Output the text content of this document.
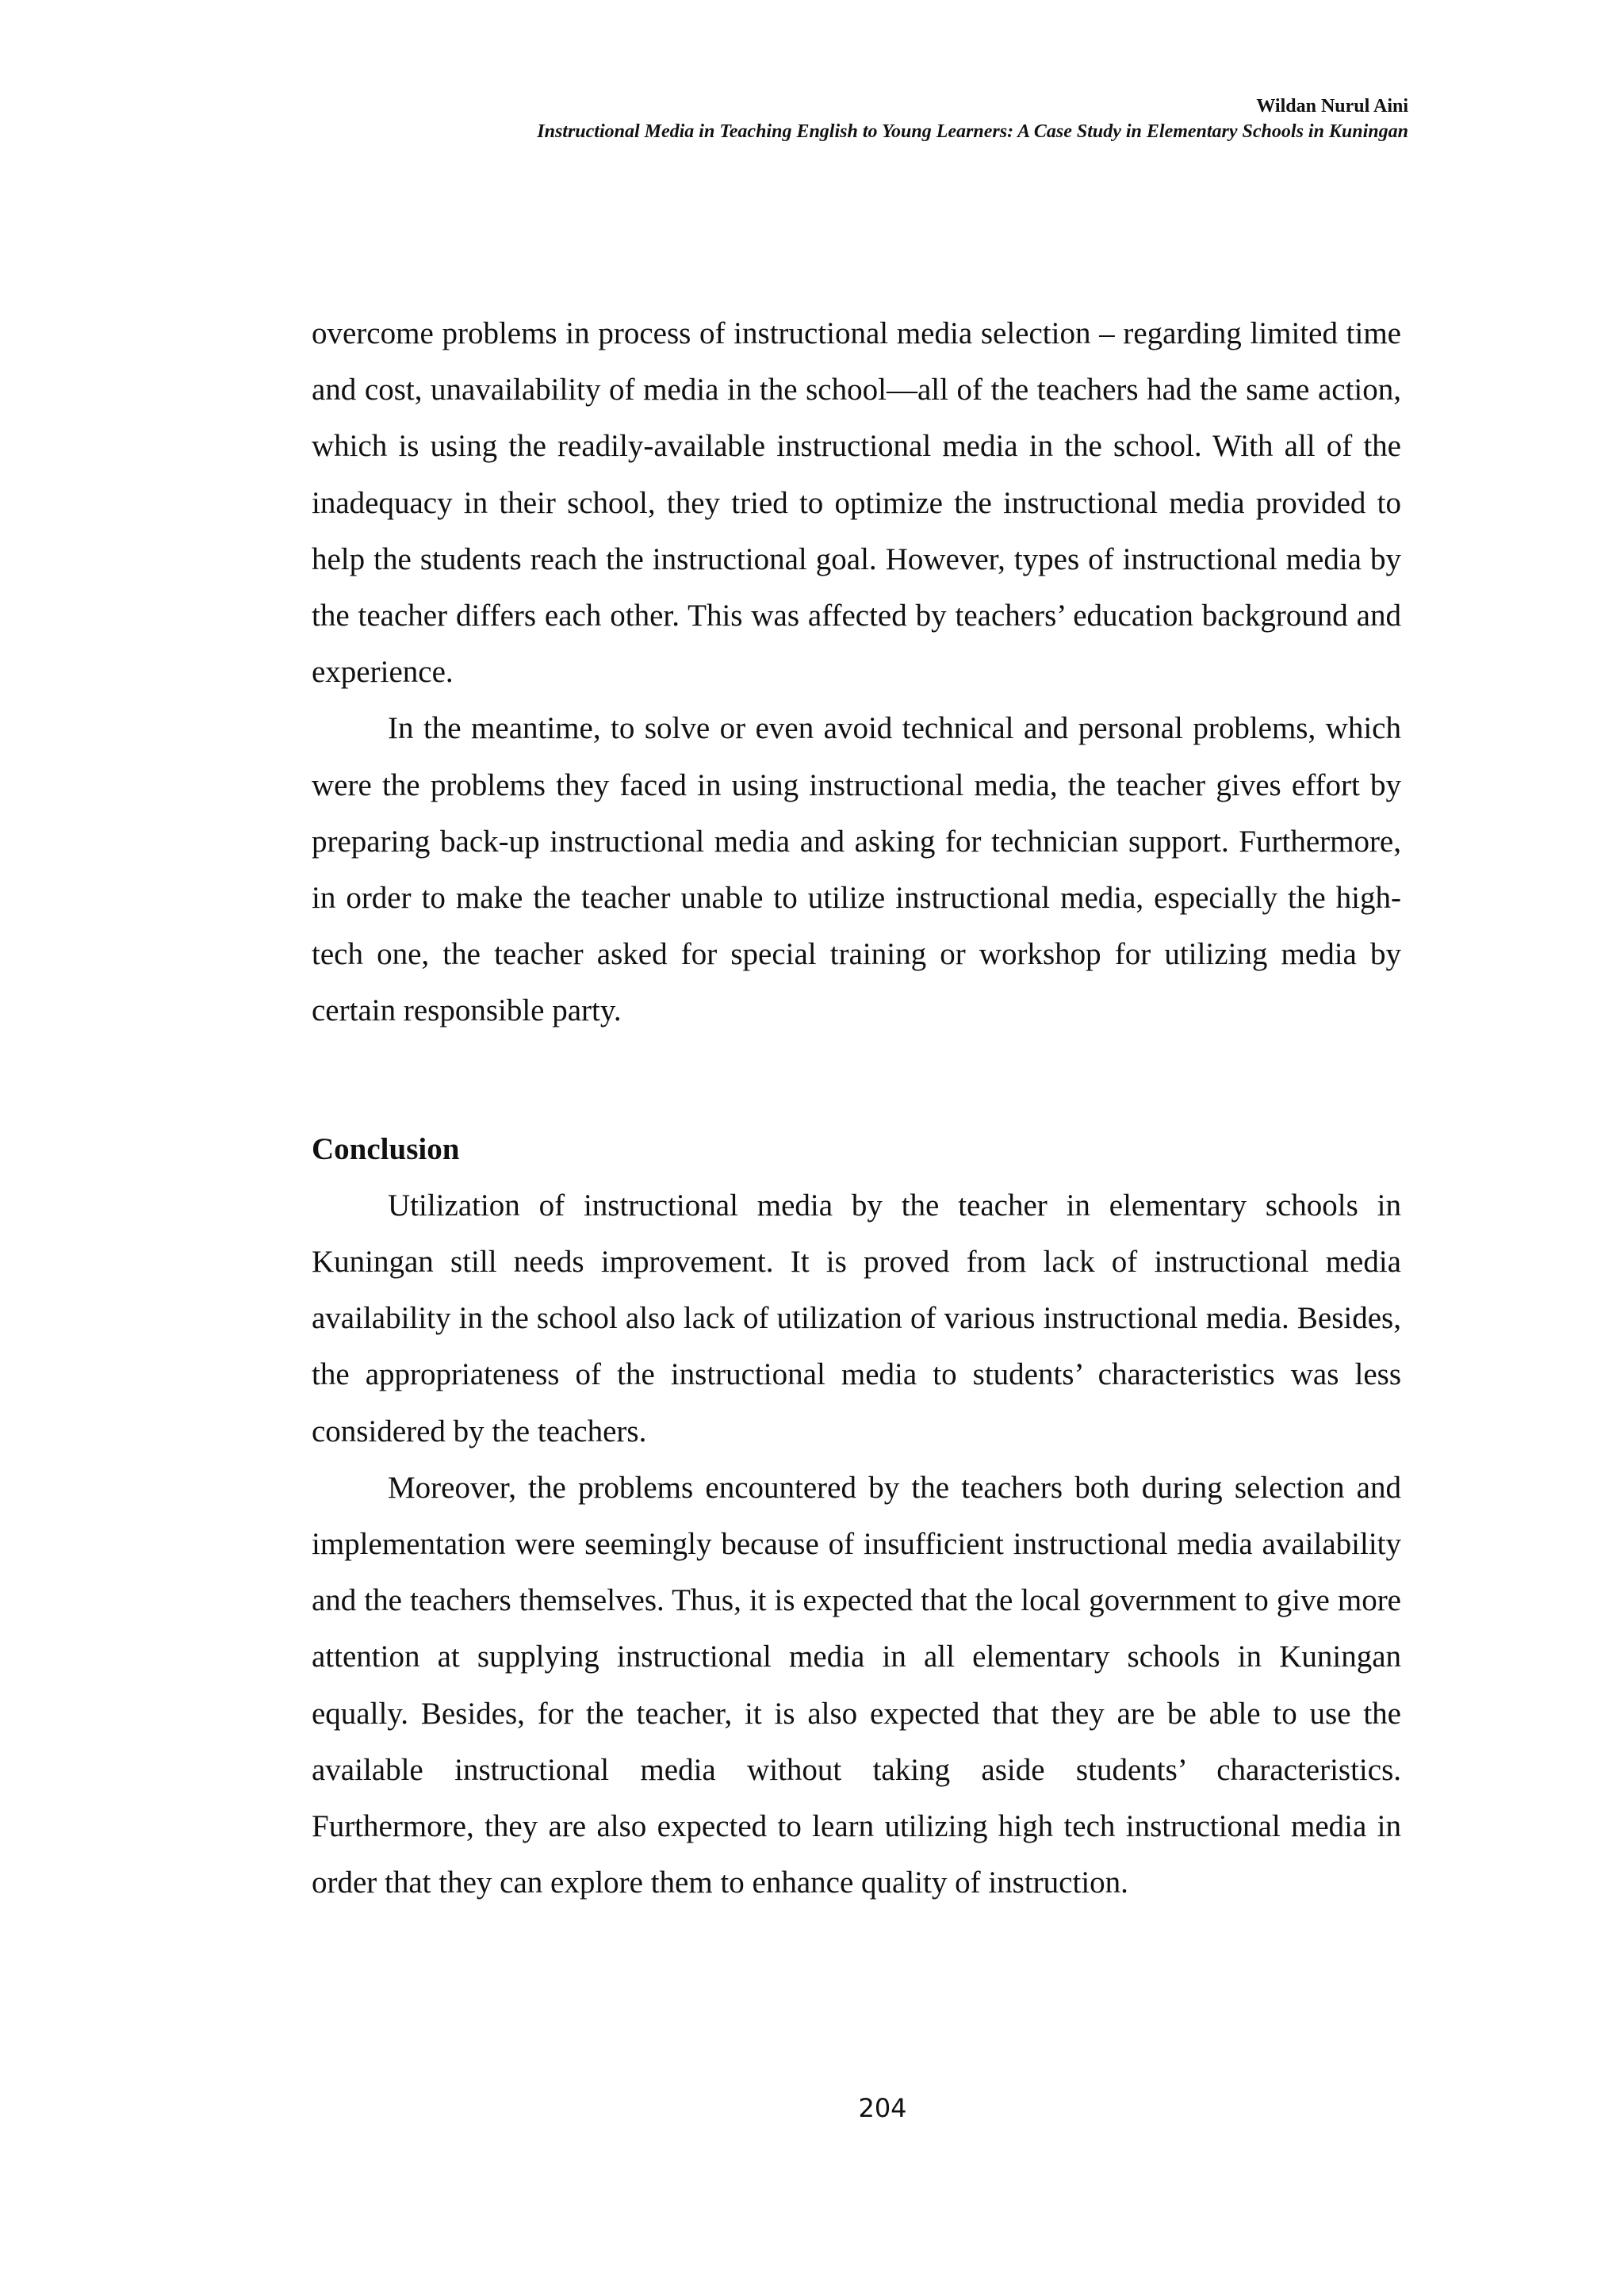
Wildan Nurul Aini
Instructional Media in Teaching English to Young Learners: A Case Study in Elementary Schools in Kuningan

overcome problems in process of instructional media selection – regarding limited time and cost, unavailability of media in the school—all of the teachers had the same action, which is using the readily-available instructional media in the school. With all of the inadequacy in their school, they tried to optimize the instructional media provided to help the students reach the instructional goal. However, types of instructional media by the teacher differs each other. This was affected by teachers’ education background and experience.

In the meantime, to solve or even avoid technical and personal problems, which were the problems they faced in using instructional media, the teacher gives effort by preparing back-up instructional media and asking for technician support. Furthermore, in order to make the teacher unable to utilize instructional media, especially the high-tech one, the teacher asked for special training or workshop for utilizing media by certain responsible party.

Conclusion

Utilization of instructional media by the teacher in elementary schools in Kuningan still needs improvement. It is proved from lack of instructional media availability in the school also lack of utilization of various instructional media. Besides, the appropriateness of the instructional media to students’ characteristics was less considered by the teachers.

Moreover, the problems encountered by the teachers both during selection and implementation were seemingly because of insufficient instructional media availability and the teachers themselves. Thus, it is expected that the local government to give more attention at supplying instructional media in all elementary schools in Kuningan equally. Besides, for the teacher, it is also expected that they are be able to use the available instructional media without taking aside students’ characteristics. Furthermore, they are also expected to learn utilizing high tech instructional media in order that they can explore them to enhance quality of instruction.

204
